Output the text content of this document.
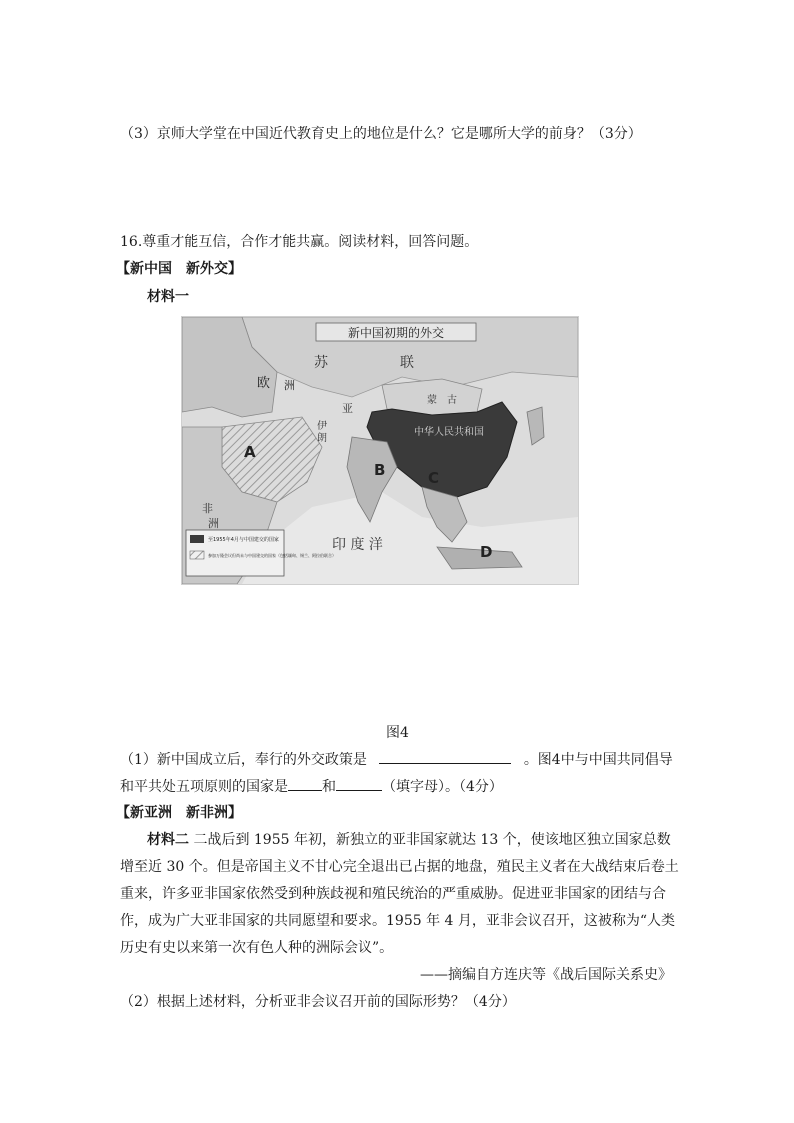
（3）京师大学堂在中国近代教育史上的地位是什么？它是哪所大学的前身？（3分）
16.尊重才能互信，合作才能共赢。阅读材料，回答问题。
【新中国　新外交】
材料一
新中国初期的外交
苏	联
欧 洲
蒙　古
中华人民共和国
印 度 洋
A
B	C
D
非
洲
亚
伊
朗
至1955年4月与中国建交的国家
参加万隆会议但尚未与中国建交的国家（包括缅甸、锡兰、阿拉伯联合）
图4
（1）新中国成立后，奉行的外交政策是	。图4中与中国共同倡导
和平共处五项原则的国家是 和	（填字母）。（4分）
【新亚洲　新非洲】
材料二 二战后到 1955 年初，新独立的亚非国家就达 13 个，使该地区独立国家总数
增至近 30 个。但是帝国主义不甘心完全退出已占据的地盘，殖民主义者在大战结束后卷土
重来，许多亚非国家依然受到种族歧视和殖民统治的严重威胁。促进亚非国家的团结与合
作，成为广大亚非国家的共同愿望和要求。1955 年 4 月，亚非会议召开，这被称为“人类
历史有史以来第一次有色人种的洲际会议”。
——摘编自方连庆等《战后国际关系史》
（2）根据上述材料，分析亚非会议召开前的国际形势？（4分）
